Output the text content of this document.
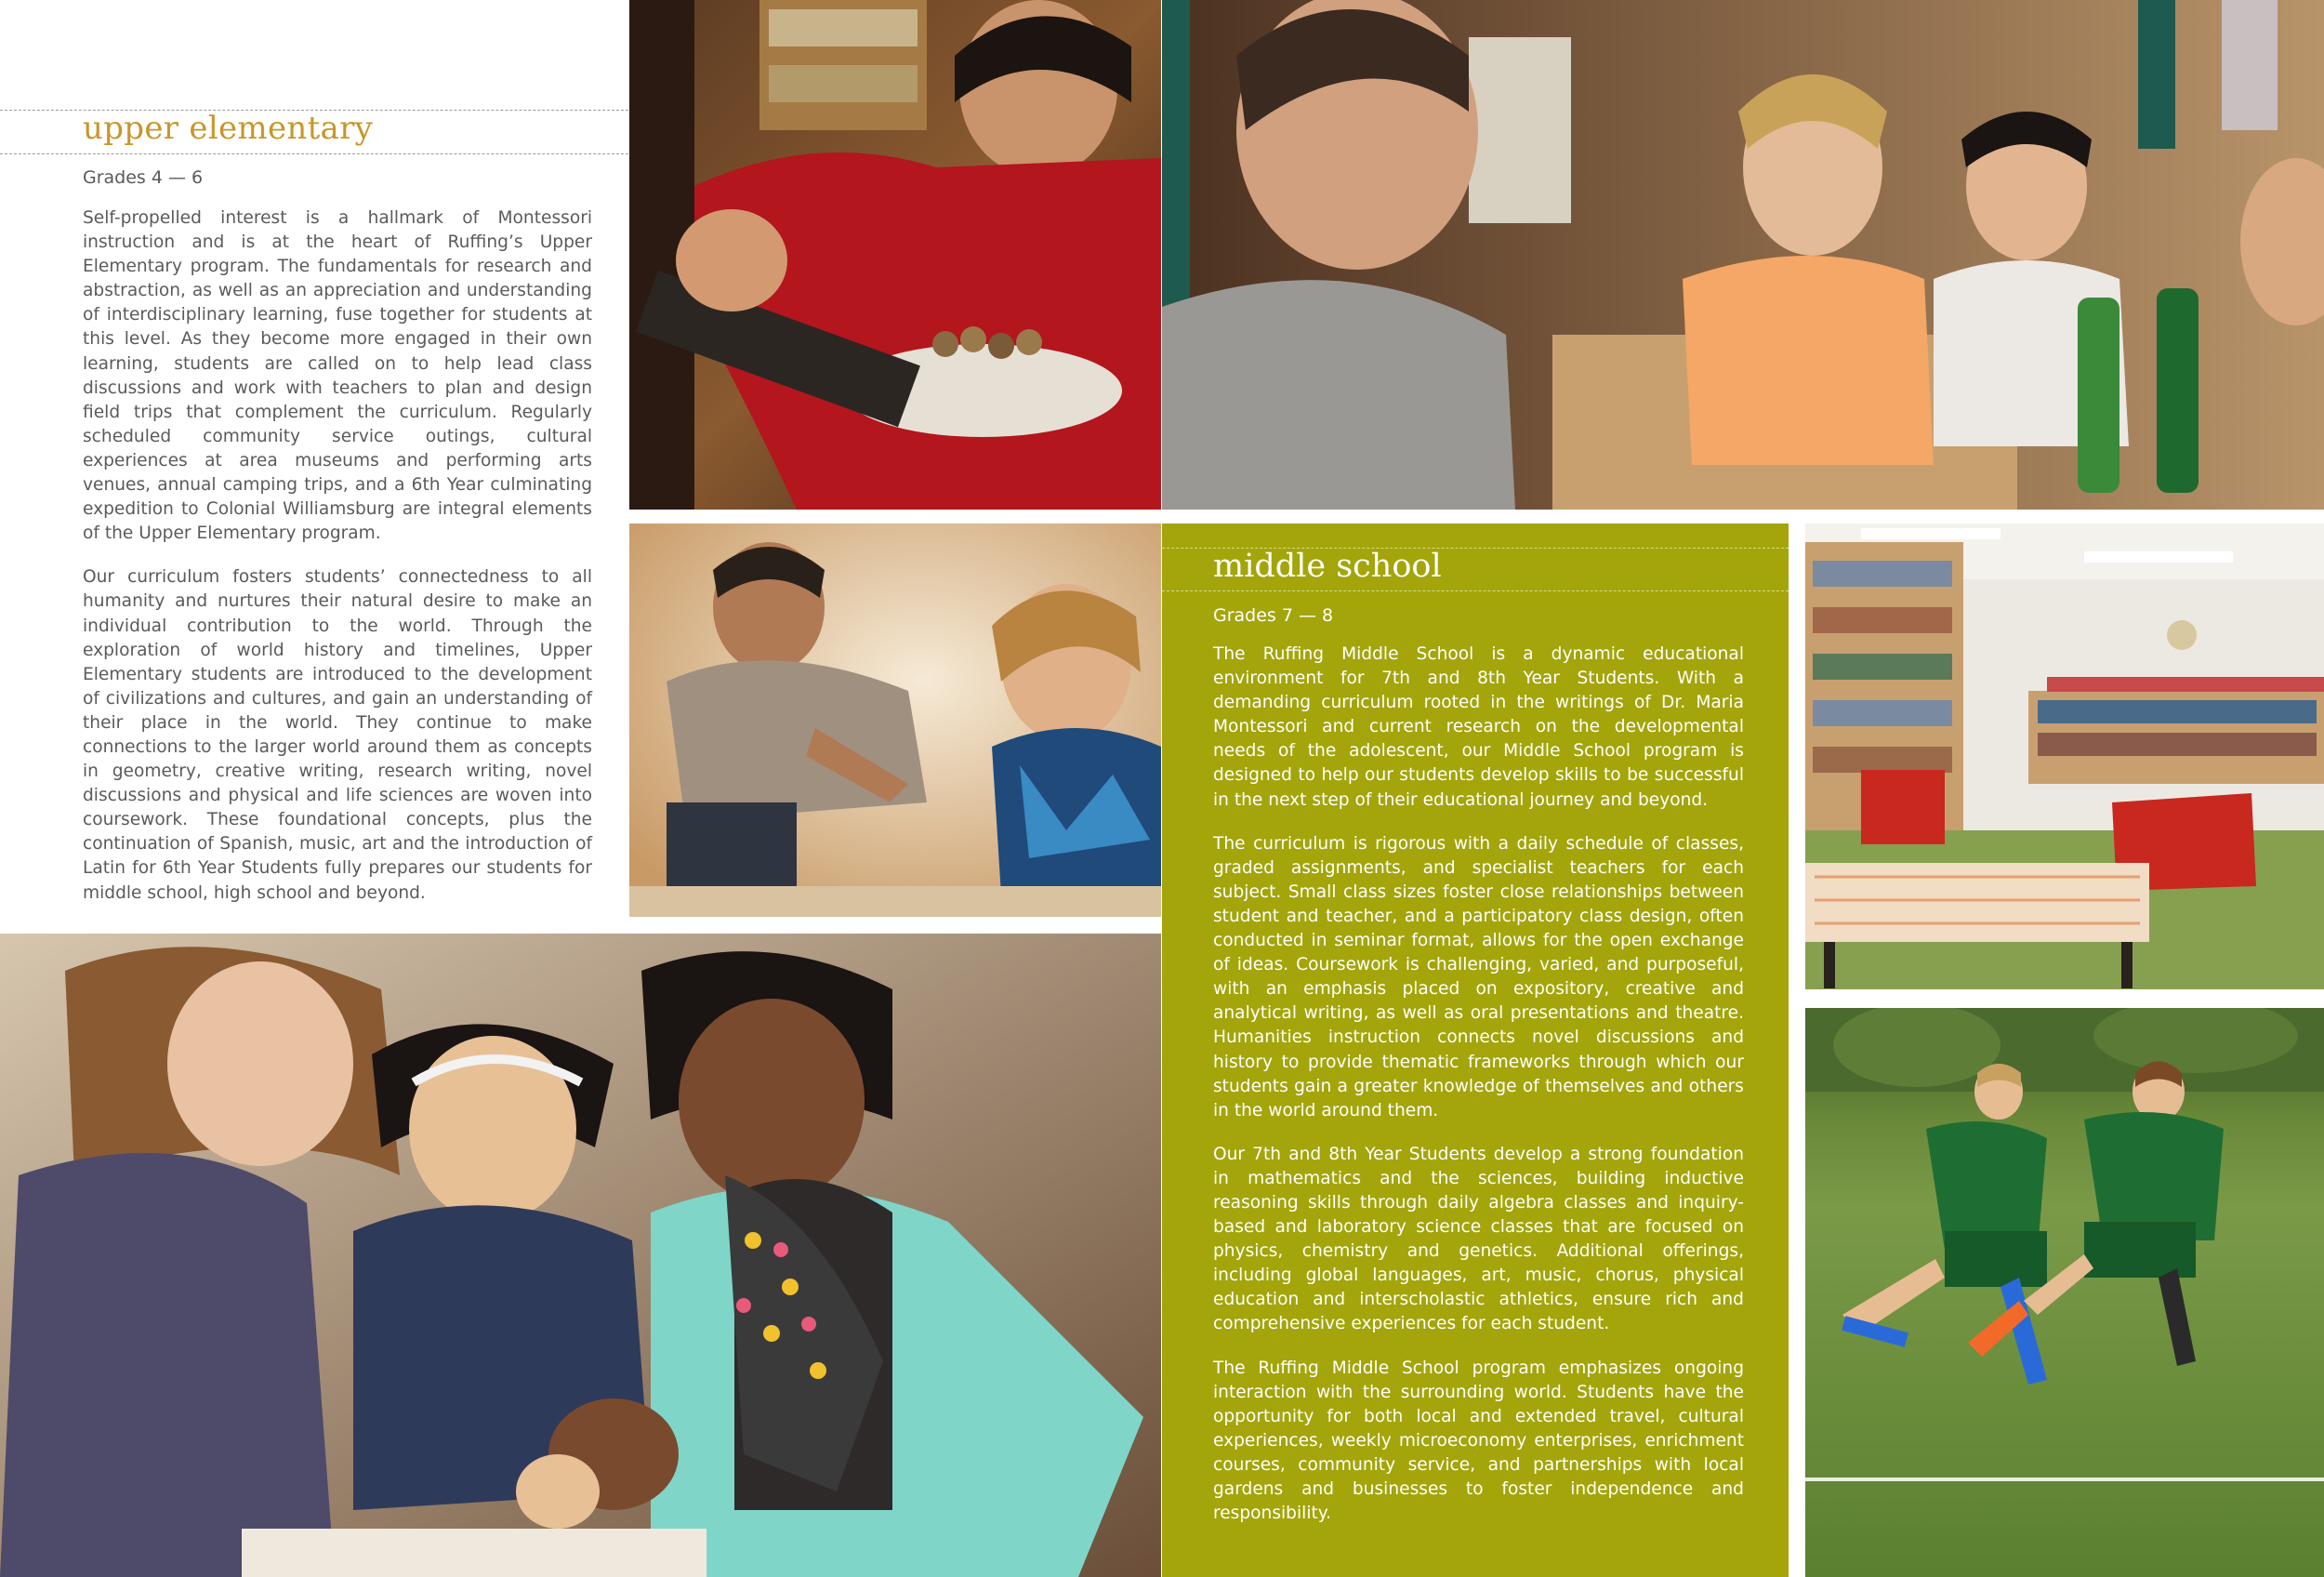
upper elementary
Grades 4 — 6

Self-propelled interest is a hallmark of Montessori instruction and is at the heart of Ruffing’s Upper Elementary program. The fundamentals for research and abstraction, as well as an appreciation and understanding of interdisciplinary learning, fuse together for students at this level. As they become more engaged in their own learning, students are called on to help lead class discussions and work with teachers to plan and design field trips that complement the curriculum. Regularly scheduled community service outings, cultural experiences at area museums and performing arts venues, annual camping trips, and a 6th Year culminating expedition to Colonial Williamsburg are integral elements of the Upper Elementary program.

Our curriculum fosters students’ connectedness to all humanity and nurtures their natural desire to make an individual contribution to the world. Through the exploration of world history and timelines, Upper Elementary students are introduced to the development of civilizations and cultures, and gain an understanding of their place in the world. They continue to make connections to the larger world around them as concepts in geometry, creative writing, research writing, novel discussions and physical and life sciences are woven into coursework. These foundational concepts, plus the continuation of Spanish, music, art and the introduction of Latin for 6th Year Students fully prepares our students for middle school, high school and beyond.

middle school
Grades 7 — 8

The Ruffing Middle School is a dynamic educational environment for 7th and 8th Year Students. With a demanding curriculum rooted in the writings of Dr. Maria Montessori and current research on the developmental needs of the adolescent, our Middle School program is designed to help our students develop skills to be successful in the next step of their educational journey and beyond.

The curriculum is rigorous with a daily schedule of classes, graded assignments, and specialist teachers for each subject. Small class sizes foster close relationships between student and teacher, and a participatory class design, often conducted in seminar format, allows for the open exchange of ideas. Coursework is challenging, varied, and purposeful, with an emphasis placed on expository, creative and analytical writing, as well as oral presentations and theatre. Humanities instruction connects novel discussions and history to provide thematic frameworks through which our students gain a greater knowledge of themselves and others in the world around them.

Our 7th and 8th Year Students develop a strong foundation in mathematics and the sciences, building inductive reasoning skills through daily algebra classes and inquiry-based and laboratory science classes that are focused on physics, chemistry and genetics. Additional offerings, including global languages, art, music, chorus, physical education and interscholastic athletics, ensure rich and comprehensive experiences for each student.

The Ruffing Middle School program emphasizes ongoing interaction with the surrounding world. Students have the opportunity for both local and extended travel, cultural experiences, weekly microeconomy enterprises, enrichment courses, community service, and partnerships with local gardens and businesses to foster independence and responsibility.
